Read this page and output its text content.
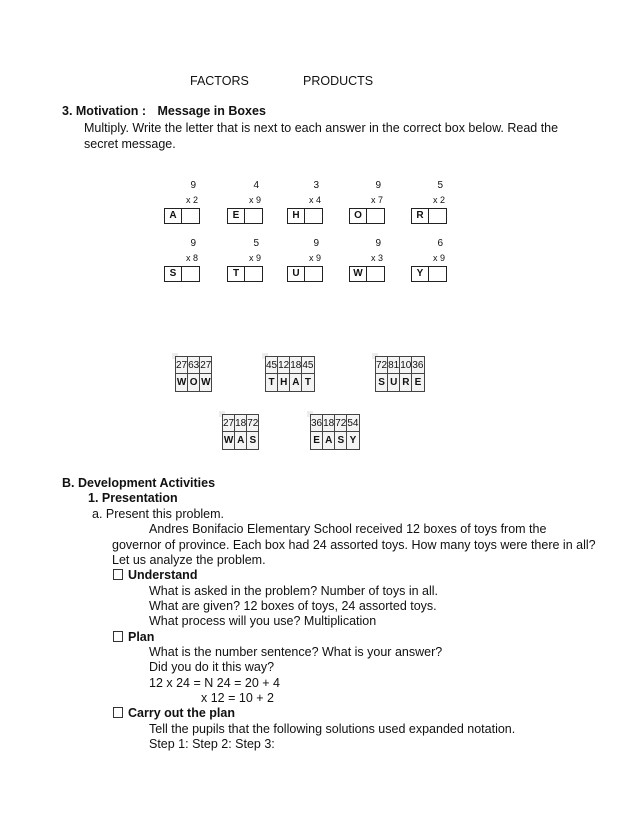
FACTORS	PRODUCTS
3. Motivation : Message in Boxes
Multiply. Write the letter that is next to each answer in the correct box below. Read the
secret message.
9
x 2
A
4
x 9
E
3
x 4
H
9
x 7
O
5
x 2
R
9
x 8
S
5
x 9
T
9
x 9
U
9
x 3
W
6
x 9
Y
27	63	27
W	O	W
45	12	18	45
T	H	A	T
72	81	10	36
S	U	R	E
27	18	72
W	A	S
36	18	72	54
E	A	S	Y
B. Development Activities
1. Presentation
a. Present this problem.
Andres Bonifacio Elementary School received 12 boxes of toys from the
governor of province. Each box had 24 assorted toys. How many toys were there in all?
Let us analyze the problem.
Understand
What is asked in the problem? Number of toys in all.
What are given? 12 boxes of toys, 24 assorted toys.
What process will you use? Multiplication
Plan
What is the number sentence? What is your answer?
Did you do it this way?
12 x 24 = N 24 = 20 + 4
x 12 = 10 + 2
Carry out the plan
Tell the pupils that the following solutions used expanded notation.
Step 1: Step 2: Step 3:
